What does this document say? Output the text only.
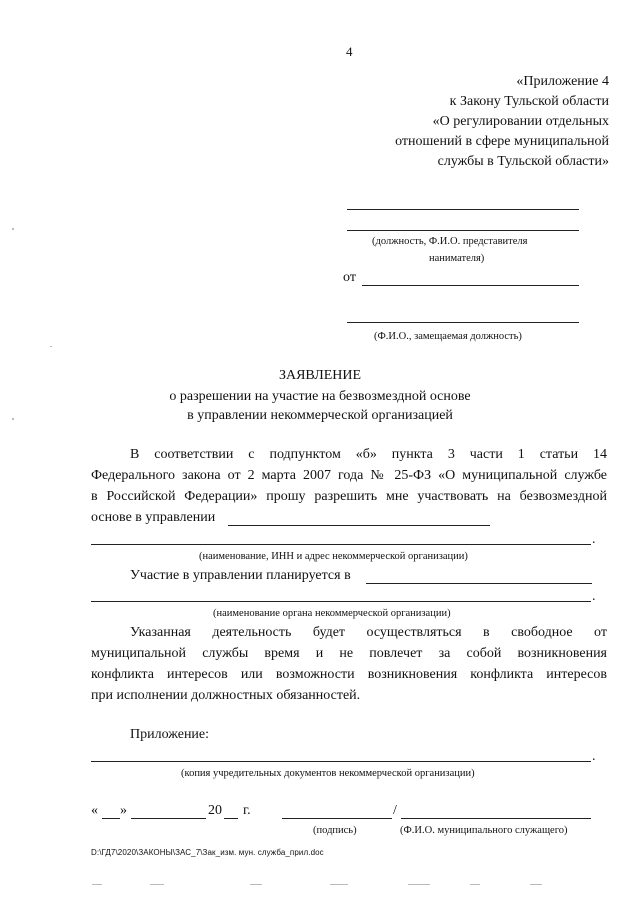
4
«Приложение 4
к Закону Тульской области
«О регулировании отдельных
отношений в сфере муниципальной
службы в Тульской области»
(должность, Ф.И.О. представителя
нанимателя)
от
(Ф.И.О., замещаемая должность)
ЗАЯВЛЕНИЕ
о разрешении на участие на безвозмездной основе
в управлении некоммерческой организацией
В соответствии с подпунктом «б» пункта 3 части 1 статьи 14
Федерального закона от 2 марта 2007 года № 25-ФЗ «О муниципальной службе
в Российской Федерации» прошу разрешить мне участвовать на безвозмездной
основе в управлении
.
(наименование, ИНН и адрес некоммерческой организации)
Участие в управлении планируется в
.
(наименование органа некоммерческой организации)
Указанная деятельность будет осуществляться в свободное от
муниципальной службы время и не повлечет за собой возникновения
конфликта интересов или возможности возникновения конфликта интересов
при исполнении должностных обязанностей.
Приложение:
.
(копия учредительных документов некоммерческой организации)
« »	20 г.	/
(подпись)	(Ф.И.О. муниципального служащего)
D:\ГД7\2020\ЗАКОНЫ\ЗАС_7\Зак_изм. мун. служба_прил.doc
